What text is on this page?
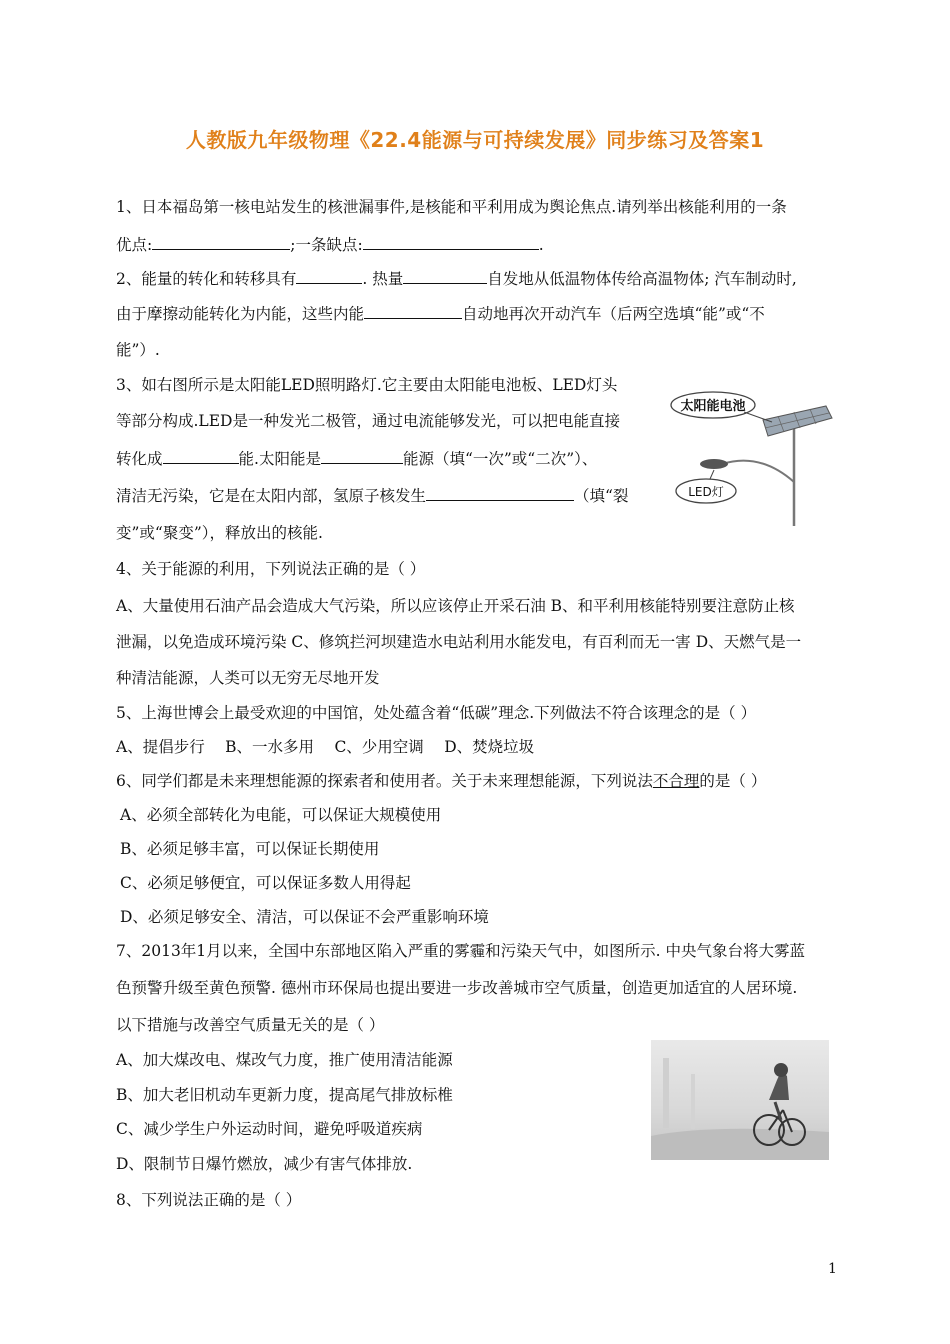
人教版九年级物理《22.4能源与可持续发展》同步练习及答案1
1、日本福岛第一核电站发生的核泄漏事件,是核能和平利用成为舆论焦点.请列举出核能利用的一条
优点:	;一条缺点:	.
2、能量的转化和转移具有	. 热量	自发地从低温物体传给高温物体; 汽车制动时,
由于摩擦动能转化为内能，这些内能	自动地再次开动汽车（后两空选填“能”或“不
能”）.
3、如右图所示是太阳能LED照明路灯.它主要由太阳能电池板、LED灯头
等部分构成.LED是一种发光二极管，通过电流能够发光，可以把电能直接
转化成	能.太阳能是	能源（填“一次”或“二次”）、
清洁无污染，它是在太阳内部，氢原子核发生	（填“裂
变”或“聚变”），释放出的核能.
太阳能电池
LED灯
4、关于能源的利用，下列说法正确的是（ ）
A、大量使用石油产品会造成大气污染，所以应该停止开采石油 B、和平利用核能特别要注意防止核
泄漏，以免造成环境污染 C、修筑拦河坝建造水电站利用水能发电，有百利而无一害 D、天燃气是一
种清洁能源，人类可以无穷无尽地开发
5、上海世博会上最受欢迎的中国馆，处处蕴含着“低碳”理念.下列做法不符合该理念的是（ ）
A、提倡步行　 B、一水多用　 C、少用空调　 D、焚烧垃圾
6、同学们都是未来理想能源的探索者和使用者。关于未来理想能源，下列说法不合理的是（ ）
A、必须全部转化为电能，可以保证大规模使用
B、必须足够丰富，可以保证长期使用
C、必须足够便宜，可以保证多数人用得起
D、必须足够安全、清洁，可以保证不会严重影响环境
7、2013年1月以来，全国中东部地区陷入严重的雾霾和污染天气中，如图所示. 中央气象台将大雾蓝
色预警升级至黄色预警. 德州市环保局也提出要进一步改善城市空气质量，创造更加适宜的人居环境.
以下措施与改善空气质量无关的是（ ）
A、加大煤改电、煤改气力度，推广使用清洁能源
B、加大老旧机动车更新力度，提高尾气排放标椎
C、减少学生户外运动时间，避免呼吸道疾病
D、限制节日爆竹燃放，减少有害气体排放.
8、下列说法正确的是（ ）
1
